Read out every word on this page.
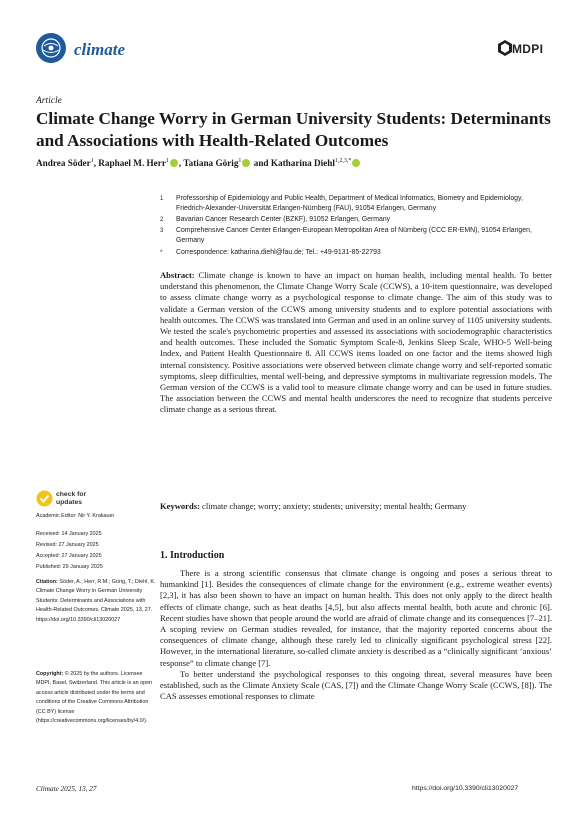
climate	MDPI
Article
Climate Change Worry in German University Students: Determinants and Associations with Health-Related Outcomes
Andrea Söder$^1$, Raphael M. Herr$^1$ , Tatiana Görig$^1$ and Katharina Diehl$^{1,2,3,*}$
1 Professorship of Epidemiology and Public Health, Department of Medical Informatics, Biometry and Epidemiology, Friedrich-Alexander-Universität Erlangen-Nürnberg (FAU), 91054 Erlangen, Germany
2 Bavarian Cancer Research Center (BZKF), 91052 Erlangen, Germany
3 Comprehensive Cancer Center Erlangen-European Metropolitan Area of Nürnberg (CCC ER-EMN), 91054 Erlangen, Germany
* Correspondence: katharina.diehl@fau.de; Tel.: +49-9131-85-22793
Abstract: Climate change is known to have an impact on human health, including mental health. To better understand this phenomenon, the Climate Change Worry Scale (CCWS), a 10-item questionnaire, was developed to assess climate change worry as a psychological response to climate change. The aim of this study was to validate a German version of the CCWS among university students and to explore potential associations with health outcomes. The CCWS was translated into German and used in an online survey of 1105 university students. We tested the scale's psychometric properties and assessed its associations with sociodemographic characteristics and health outcomes. These included the Somatic Symptom Scale-8, Jenkins Sleep Scale, WHO-5 Well-being Index, and Patient Health Questionnaire 8. All CCWS items loaded on one factor and the items showed high internal consistency. Positive associations were observed between climate change worry and self-reported somatic symptoms, sleep difficulties, mental well-being, and depressive symptoms in multivariate regression models. The German version of the CCWS is a valid tool to measure climate change worry and can be used in future studies. The association between the CCWS and mental health underscores the need to recognize that students perceive climate change as a serious threat.
Keywords: climate change; worry; anxiety; students; university; mental health; Germany
check for
updates
Academic Editor: Nir Y. Krakauer
Received: 14 January 2025
Revised: 27 January 2025
Accepted: 27 January 2025
Published: 29 January 2025
Citation: Söder, A.; Herr, R.M.; Görig, T.; Diehl, K. Climate Change Worry in German University Students: Determinants and Associations with Health-Related Outcomes. Climate 2025, 13, 27. https://doi.org/10.3390/cli13020027
Copyright: © 2025 by the authors. Licensee MDPI, Basel, Switzerland. This article is an open access article distributed under the terms and conditions of the Creative Commons Attribution (CC BY) license (https://creativecommons.org/licenses/by/4.0/).
1. Introduction

There is a strong scientific consensus that climate change is ongoing and poses a serious threat to humankind [1]. Besides the consequences of climate change for the environment (e.g., extreme weather events) [2,3], it has also been shown to have an impact on human health. This does not only apply to the direct health effects of climate change, such as heat deaths [4,5], but also affects mental health, both acute and chronic [6]. Recent studies have shown that people around the world are afraid of climate change and its consequences [7–21]. A scoping review on German studies revealed, for instance, that the majority reported concerns about the consequences of climate change, although these rarely led to clinically significant psychological stress [22]. However, in the international literature, so-called climate anxiety is described as a “clinically significant ‘anxious’ response” to climate change [7].

To better understand the psychological responses to this ongoing threat, several measures have been established, such as the Climate Anxiety Scale (CAS, [7]) and the Climate Change Worry Scale (CCWS, [8]). The CAS assesses emotional responses to climate

Climate 2025, 13, 27	https://doi.org/10.3390/cli13020027
